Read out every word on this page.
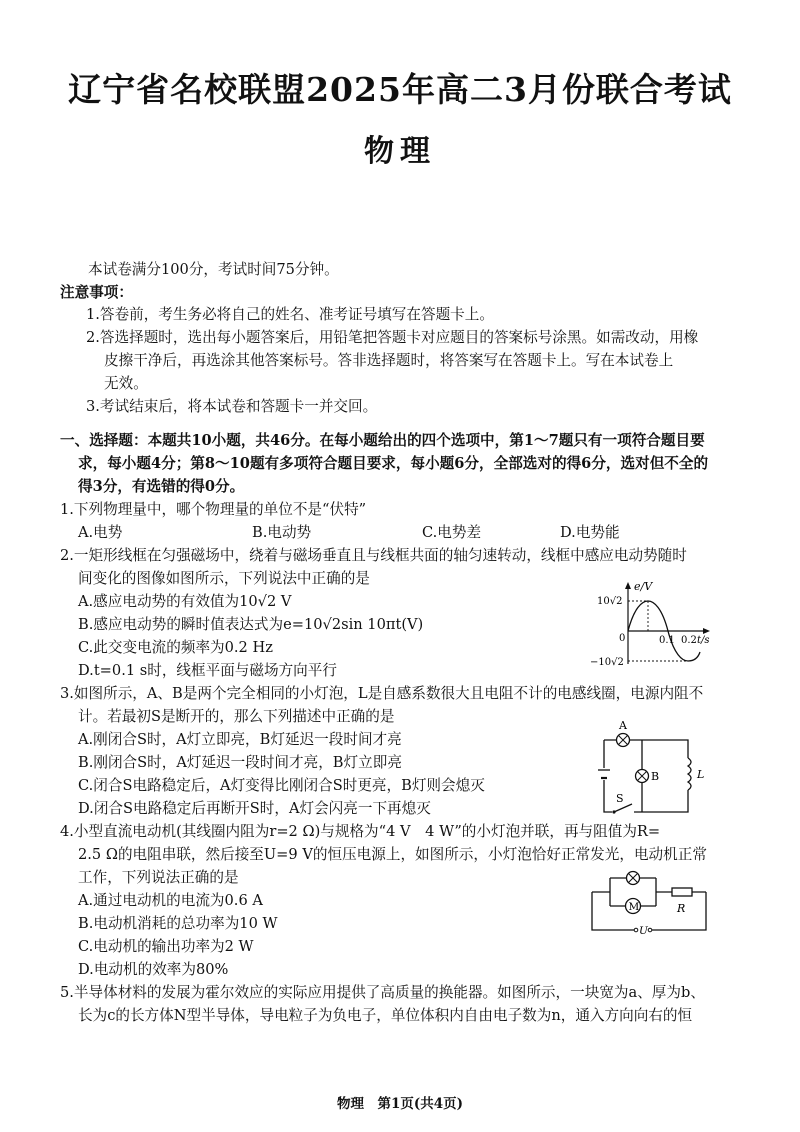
辽宁省名校联盟2025年高二3月份联合考试
物理
本试卷满分100分，考试时间75分钟。
注意事项：
1.答卷前，考生务必将自己的姓名、准考证号填写在答题卡上。
2.答选择题时，选出每小题答案后，用铅笔把答题卡对应题目的答案标号涂黑。如需改动，用橡
皮擦干净后，再选涂其他答案标号。答非选择题时，将答案写在答题卡上。写在本试卷上
无效。
3.考试结束后，将本试卷和答题卡一并交回。
一、选择题：本题共10小题，共46分。在每小题给出的四个选项中，第1～7题只有一项符合题目要
求，每小题4分；第8～10题有多项符合题目要求，每小题6分，全部选对的得6分，选对但不全的
得3分，有选错的得0分。
1.下列物理量中，哪个物理量的单位不是“伏特”
A.电势	B.电动势	C.电势差	D.电势能
2.一矩形线框在匀强磁场中，绕着与磁场垂直且与线框共面的轴匀速转动，线框中感应电动势随时
间变化的图像如图所示，下列说法中正确的是
A.感应电动势的有效值为10√2 V
B.感应电动势的瞬时值表达式为e=10√2sin 10πt(V)
C.此交变电流的频率为0.2 Hz
D.t=0.1 s时，线框平面与磁场方向平行
e/V
10√2
0
−10√2
0.1 0.2 t/s
3.如图所示，A、B是两个完全相同的小灯泡，L是自感系数很大且电阻不计的电感线圈，电源内阻不
计。若最初S是断开的，那么下列描述中正确的是
A.刚闭合S时，A灯立即亮，B灯延迟一段时间才亮
B.刚闭合S时，A灯延迟一段时间才亮，B灯立即亮
C.闭合S电路稳定后，A灯变得比刚闭合S时更亮，B灯则会熄灭
D.闭合S电路稳定后再断开S时，A灯会闪亮一下再熄灭
A
B	L
S
4.小型直流电动机(其线圈内阻为r=2 Ω)与规格为“4 V　4 W”的小灯泡并联，再与阻值为R=
2.5 Ω的电阻串联，然后接至U=9 V的恒压电源上，如图所示，小灯泡恰好正常发光，电动机正常
工作，下列说法正确的是
A.通过电动机的电流为0.6 A
B.电动机消耗的总功率为10 W
C.电动机的输出功率为2 W
D.电动机的效率为80%
M	R
U
5.半导体材料的发展为霍尔效应的实际应用提供了高质量的换能器。如图所示，一块宽为a、厚为b、
长为c的长方体N型半导体，导电粒子为负电子，单位体积内自由电子数为n，通入方向向右的恒
物理　第1页(共4页)
